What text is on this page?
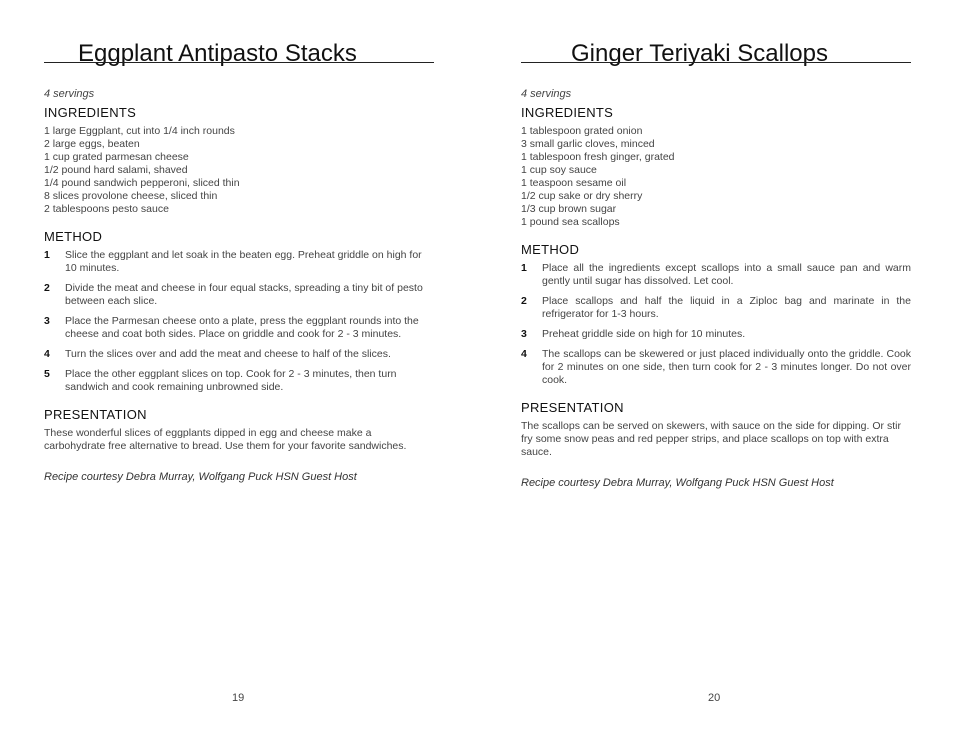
Eggplant Antipasto Stacks
4 servings
INGREDIENTS
1 large Eggplant, cut into 1/4 inch rounds
2 large eggs, beaten
1 cup grated parmesan cheese
1/2 pound hard salami, shaved
1/4 pound sandwich pepperoni, sliced thin
8 slices provolone cheese, sliced thin
2 tablespoons pesto sauce
METHOD
1	Slice the eggplant and let soak in the beaten egg. Preheat griddle on high for 10 minutes.
2	Divide the meat and cheese in four equal stacks, spreading a tiny bit of pesto between each slice.
3	Place the Parmesan cheese onto a plate, press the eggplant rounds into the cheese and coat both sides. Place on griddle and cook for 2 - 3 minutes.
4	Turn the slices over and add the meat and cheese to half of the slices.
5	Place the other eggplant slices on top. Cook for 2 - 3 minutes, then turn sandwich and cook remaining unbrowned side.
PRESENTATION
These wonderful slices of eggplants dipped in egg and cheese make a carbohydrate free alternative to bread. Use them for your favorite sandwiches.
Recipe courtesy Debra Murray, Wolfgang Puck HSN Guest Host
19
Ginger Teriyaki Scallops
4 servings
INGREDIENTS
1 tablespoon grated onion
3 small garlic cloves, minced
1 tablespoon fresh ginger, grated
1 cup soy sauce
1 teaspoon sesame oil
1/2 cup sake or dry sherry
1/3 cup brown sugar
1 pound sea scallops
METHOD
1	Place all the ingredients except scallops into a small sauce pan and warm gently until sugar has dissolved. Let cool.
2	Place scallops and half the liquid in a Ziploc bag and marinate in the refrigerator for 1-3 hours.
3	Preheat griddle side on high for 10 minutes.
4	The scallops can be skewered or just placed individually onto the griddle. Cook for 2 minutes on one side, then turn cook for 2 - 3 minutes longer. Do not over cook.
PRESENTATION
The scallops can be served on skewers, with sauce on the side for dipping. Or stir fry some snow peas and red pepper strips, and place scallops on top with extra sauce.
Recipe courtesy Debra Murray, Wolfgang Puck HSN Guest Host
20
